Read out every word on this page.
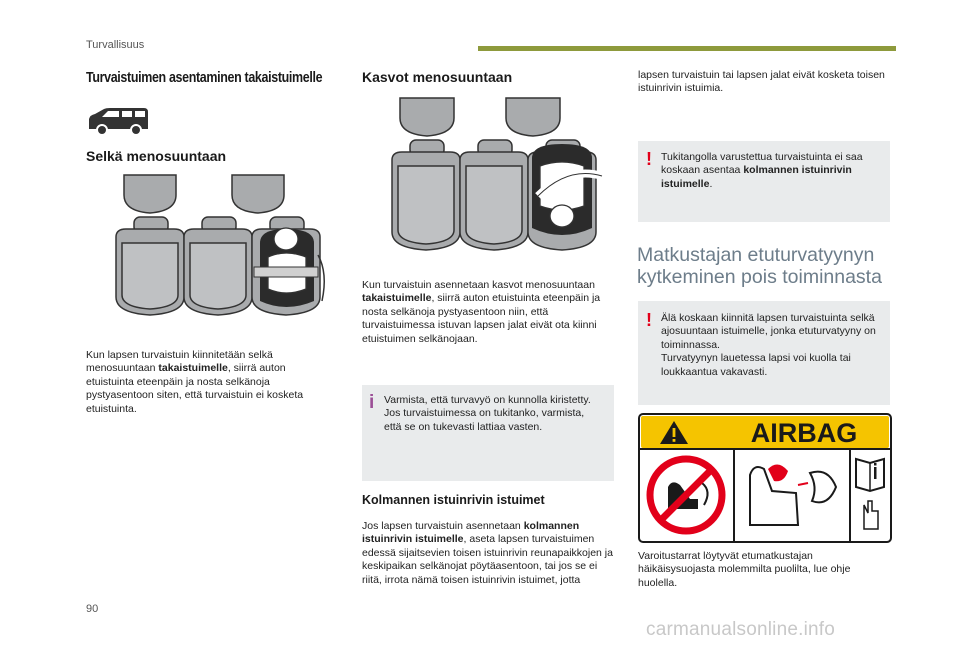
Turvallisuus
Turvaistuimen asentaminen takaistuimelle
Selkä menosuuntaan
Kun lapsen turvaistuin kiinnitetään selkä menosuuntaan takaistuimelle, siirrä auton etuistuinta eteenpäin ja nosta selkänoja pystyasentoon siten, että turvaistuin ei kosketa etuistuinta.
Kasvot menosuuntaan
Kun turvaistuin asennetaan kasvot menosuuntaan takaistuimelle, siirrä auton etuistuinta eteenpäin ja nosta selkänoja pystyasentoon niin, että turvaistuimessa istuvan lapsen jalat eivät ota kiinni etuistuimen selkänojaan.
i Varmista, että turvavyö on kunnolla kiristetty.
Jos turvaistuimessa on tukitanko, varmista, että se on tukevasti lattiaa vasten.
Kolmannen istuinrivin istuimet
Jos lapsen turvaistuin asennetaan kolmannen istuinrivin istuimelle, aseta lapsen turvaistuimen edessä sijaitsevien toisen istuinrivin reunapaikkojen ja keskipaikan selkänojat pöytäasentoon, tai jos se ei riitä, irrota nämä toisen istuinrivin istuimet, jotta
lapsen turvaistuin tai lapsen jalat eivät kosketa toisen istuinrivin istuimia.
! Tukitangolla varustettua turvaistuinta ei saa koskaan asentaa kolmannen istuinrivin istuimelle.
Matkustajan etuturvatyynyn kytkeminen pois toiminnasta
! Älä koskaan kiinnitä lapsen turvaistuinta selkä ajosuuntaan istuimelle, jonka etuturvatyyny on toiminnassa.
Turvatyynyn lauetessa lapsi voi kuolla tai loukkaantua vakavasti.
AIRBAG
Varoitustarrat löytyvät etumatkustajan häikäisysuojasta molemmilta puolilta, lue ohje huolella.
90
carmanualsonline.info
